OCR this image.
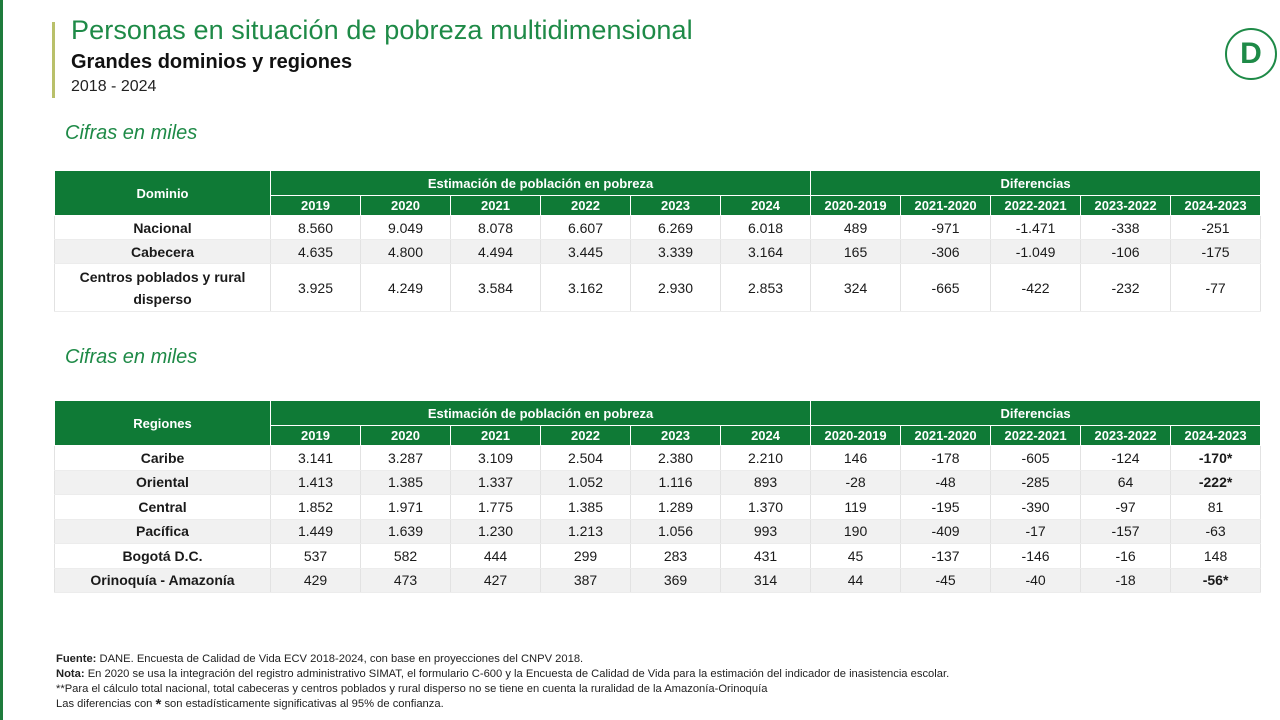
Personas en situación de pobreza multidimensional
Grandes dominios y regiones
2018 - 2024
D
Cifras en miles
Dominio	Estimación de población en pobreza						Diferencias				
	2019	2020	2021	2022	2023	2024	2020-2019	2021-2020	2022-2021	2023-2022	2024-2023
Nacional	8.560	9.049	8.078	6.607	6.269	6.018	489	-971	-1.471	-338	-251
Cabecera	4.635	4.800	4.494	3.445	3.339	3.164	165	-306	-1.049	-106	-175
Centros poblados y rural disperso	3.925	4.249	3.584	3.162	2.930	2.853	324	-665	-422	-232	-77
Cifras en miles
Regiones	Estimación de población en pobreza						Diferencias				
	2019	2020	2021	2022	2023	2024	2020-2019	2021-2020	2022-2021	2023-2022	2024-2023
Caribe	3.141	3.287	3.109	2.504	2.380	2.210	146	-178	-605	-124	-170*
Oriental	1.413	1.385	1.337	1.052	1.116	893	-28	-48	-285	64	-222*
Central	1.852	1.971	1.775	1.385	1.289	1.370	119	-195	-390	-97	81
Pacífica	1.449	1.639	1.230	1.213	1.056	993	190	-409	-17	-157	-63
Bogotá D.C.	537	582	444	299	283	431	45	-137	-146	-16	148
Orinoquía - Amazonía	429	473	427	387	369	314	44	-45	-40	-18	-56*
Fuente: DANE. Encuesta de Calidad de Vida ECV 2018-2024, con base en proyecciones del CNPV 2018.
Nota: En 2020 se usa la integración del registro administrativo SIMAT, el formulario C-600 y la Encuesta de Calidad de Vida para la estimación del indicador de inasistencia escolar.
**Para el cálculo total nacional, total cabeceras y centros poblados y rural disperso no se tiene en cuenta la ruralidad de la Amazonía-Orinoquía
Las diferencias con * son estadísticamente significativas al 95% de confianza.
